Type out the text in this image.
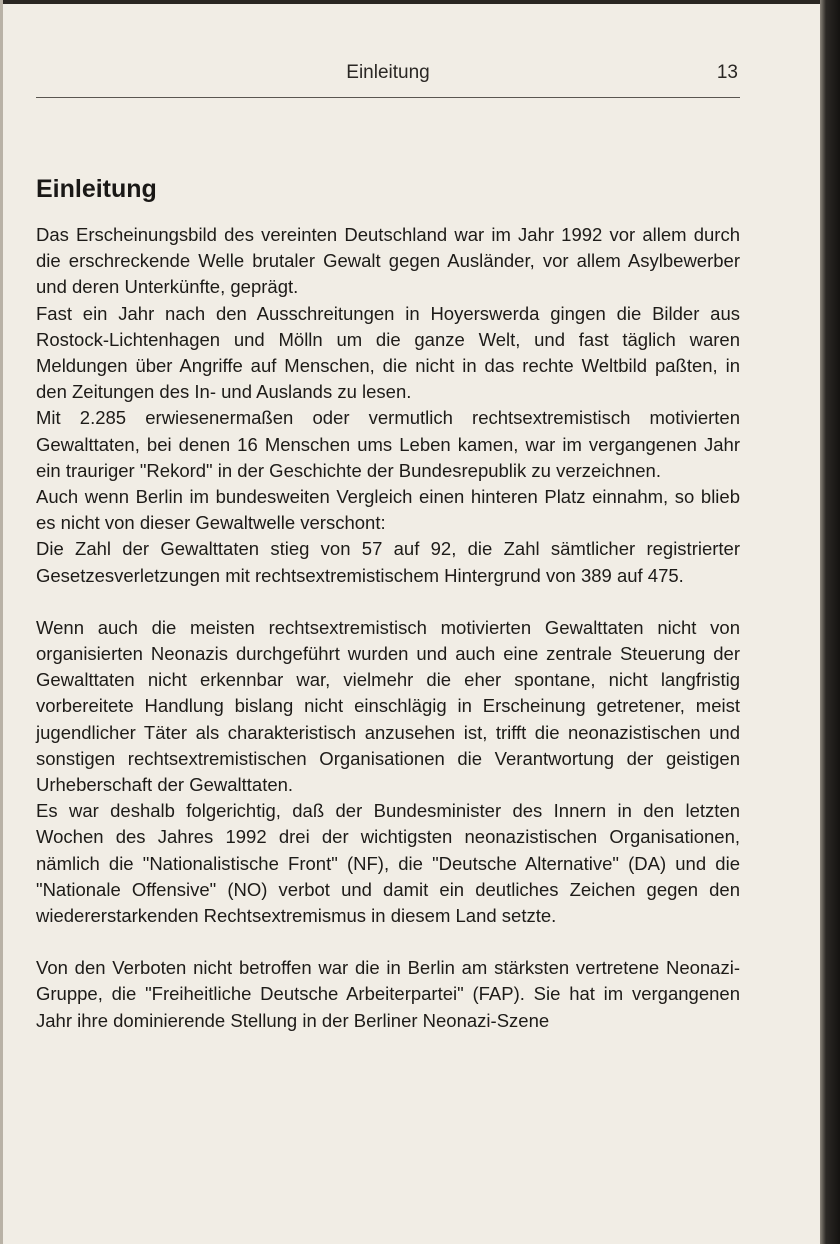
Einleitung	13
Einleitung

Das Erscheinungsbild des vereinten Deutschland war im Jahr 1992 vor allem durch die erschreckende Welle brutaler Gewalt gegen Ausländer, vor allem Asylbewerber und deren Unterkünfte, geprägt.

Fast ein Jahr nach den Ausschreitungen in Hoyerswerda gingen die Bilder aus Rostock-Lichtenhagen und Mölln um die ganze Welt, und fast täglich waren Meldungen über Angriffe auf Menschen, die nicht in das rechte Weltbild paßten, in den Zeitungen des In- und Auslands zu lesen.

Mit 2.285 erwiesenermaßen oder vermutlich rechtsextremistisch motivierten Gewalttaten, bei denen 16 Menschen ums Leben kamen, war im vergangenen Jahr ein trauriger "Rekord" in der Geschichte der Bundesrepublik zu verzeichnen.

Auch wenn Berlin im bundesweiten Vergleich einen hinteren Platz einnahm, so blieb es nicht von dieser Gewaltwelle verschont:

Die Zahl der Gewalttaten stieg von 57 auf 92, die Zahl sämtlicher registrierter Gesetzesverletzungen mit rechtsextremistischem Hintergrund von 389 auf 475.

Wenn auch die meisten rechtsextremistisch motivierten Gewalttaten nicht von organisierten Neonazis durchgeführt wurden und auch eine zentrale Steuerung der Gewalttaten nicht erkennbar war, vielmehr die eher spontane, nicht langfristig vorbereitete Handlung bislang nicht einschlägig in Erscheinung getretener, meist jugendlicher Täter als charakteristisch anzusehen ist, trifft die neonazistischen und sonstigen rechtsextremistischen Organisationen die Verantwortung der geistigen Urheberschaft der Gewalttaten.

Es war deshalb folgerichtig, daß der Bundesminister des Innern in den letzten Wochen des Jahres 1992 drei der wichtigsten neonazistischen Organisationen, nämlich die "Nationalistische Front" (NF), die "Deutsche Alternative" (DA) und die "Nationale Offensive" (NO) verbot und damit ein deutliches Zeichen gegen den wiedererstarkenden Rechtsextremismus in diesem Land setzte.

Von den Verboten nicht betroffen war die in Berlin am stärksten vertretene Neonazi-Gruppe, die "Freiheitliche Deutsche Arbeiterpartei" (FAP). Sie hat im vergangenen Jahr ihre dominierende Stellung in der Berliner Neonazi-Szene
